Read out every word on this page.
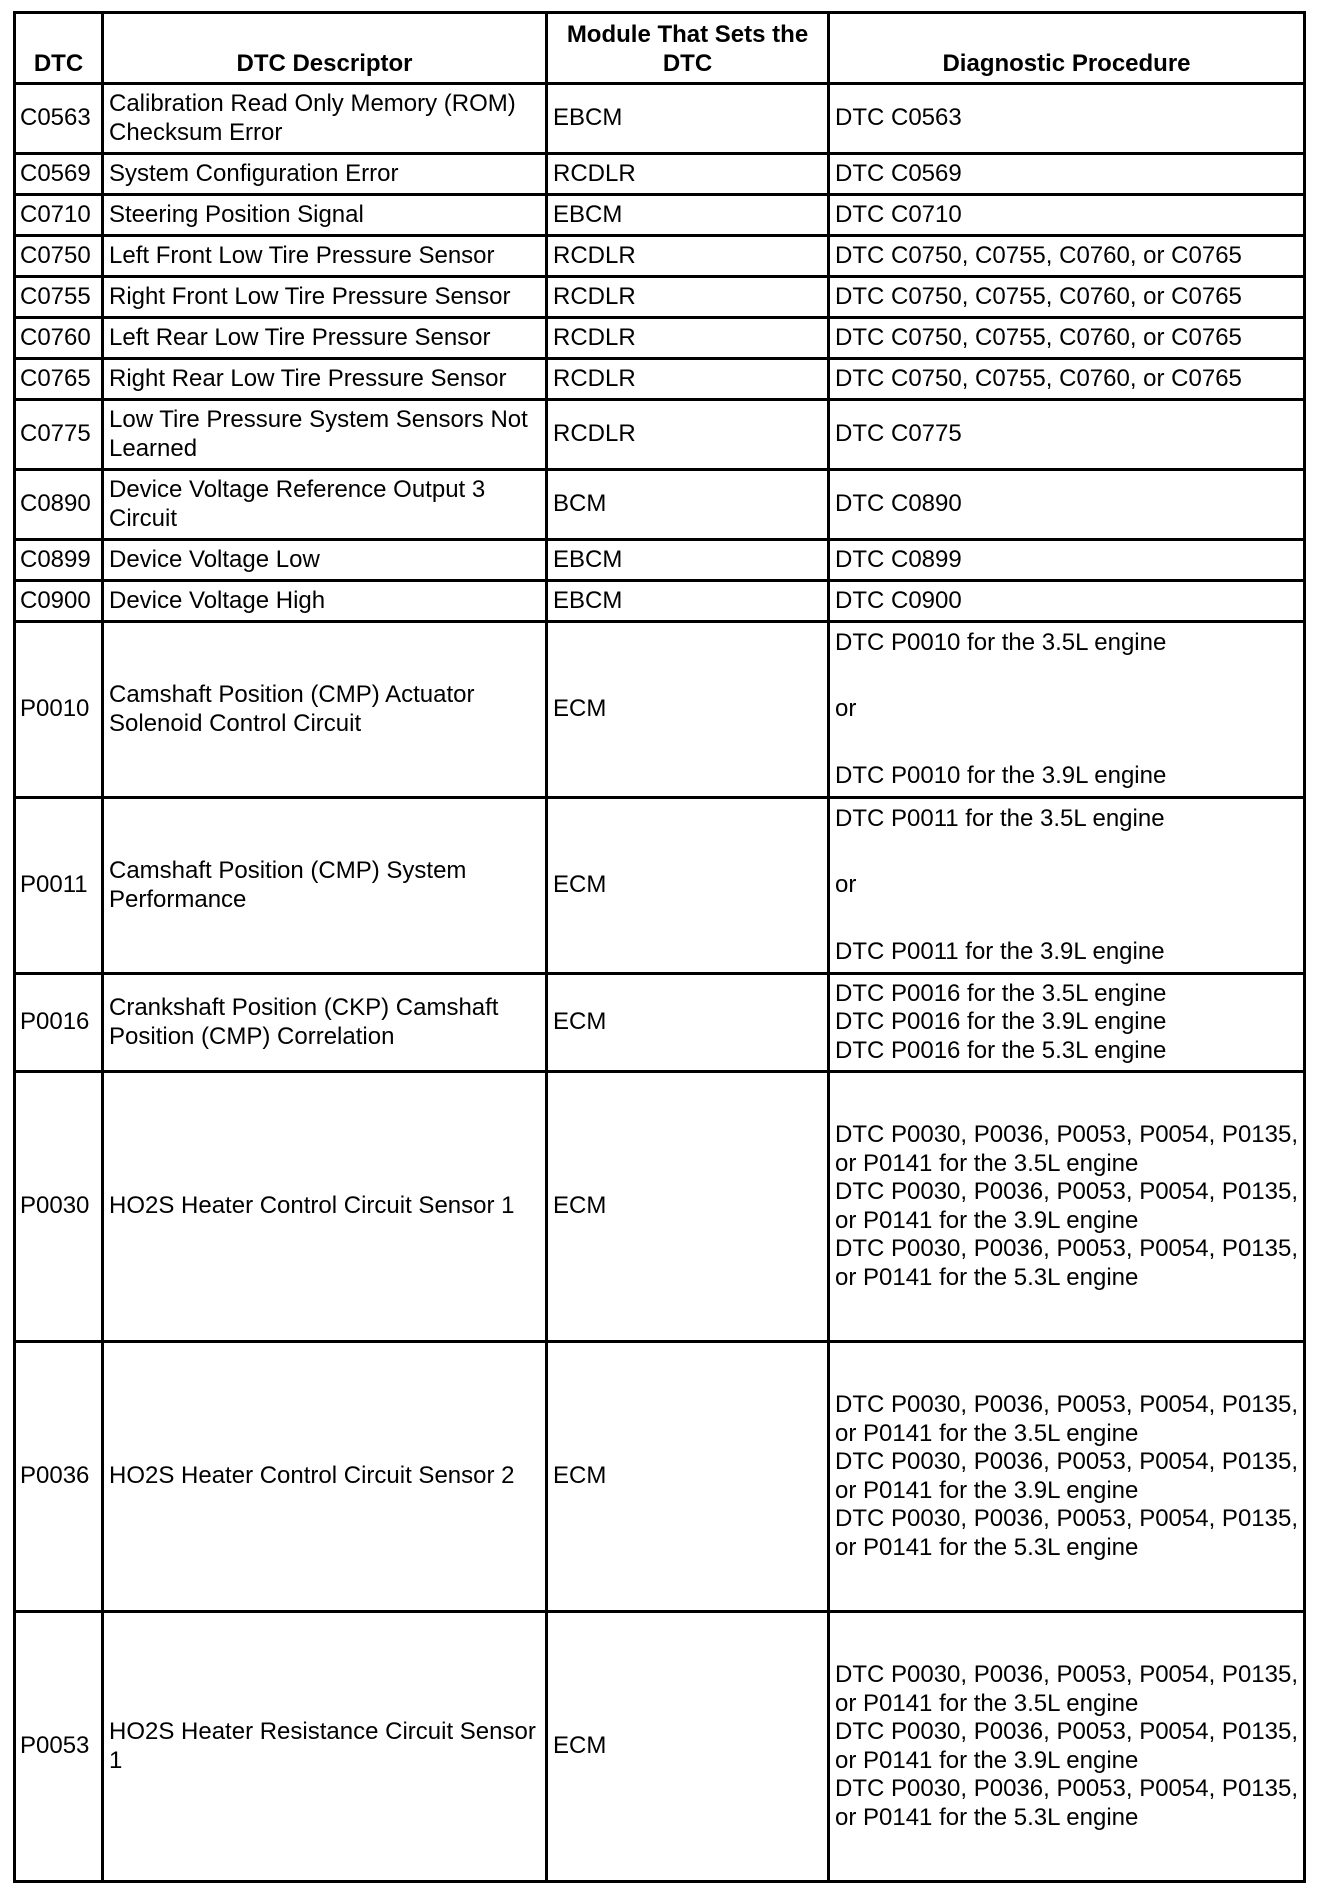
DTC	DTC Descriptor	Module That Sets the DTC	Diagnostic Procedure
C0563	Calibration Read Only Memory (ROM) Checksum Error	EBCM	DTC C0563
C0569	System Configuration Error	RCDLR	DTC C0569
C0710	Steering Position Signal	EBCM	DTC C0710
C0750	Left Front Low Tire Pressure Sensor	RCDLR	DTC C0750, C0755, C0760, or C0765
C0755	Right Front Low Tire Pressure Sensor	RCDLR	DTC C0750, C0755, C0760, or C0765
C0760	Left Rear Low Tire Pressure Sensor	RCDLR	DTC C0750, C0755, C0760, or C0765
C0765	Right Rear Low Tire Pressure Sensor	RCDLR	DTC C0750, C0755, C0760, or C0765
C0775	Low Tire Pressure System Sensors Not Learned	RCDLR	DTC C0775
C0890	Device Voltage Reference Output 3 Circuit	BCM	DTC C0890
C0899	Device Voltage Low	EBCM	DTC C0899
C0900	Device Voltage High	EBCM	DTC C0900
P0010	Camshaft Position (CMP) Actuator Solenoid Control Circuit	ECM	DTC P0010 for the 3.5L engine
or
DTC P0010 for the 3.9L engine

P0011	Camshaft Position (CMP) System Performance	ECM	DTC P0011 for the 3.5L engine
or
DTC P0011 for the 3.9L engine

P0016	Crankshaft Position (CKP) Camshaft Position (CMP) Correlation	ECM	DTC P0016 for the 3.5L engine
DTC P0016 for the 3.9L engine
DTC P0016 for the 5.3L engine

P0030	HO2S Heater Control Circuit Sensor 1	ECM	DTC P0030, P0036, P0053, P0054, P0135, or P0141 for the 3.5L engine
DTC P0030, P0036, P0053, P0054, P0135, or P0141 for the 3.9L engine
DTC P0030, P0036, P0053, P0054, P0135, or P0141 for the 5.3L engine

P0036	HO2S Heater Control Circuit Sensor 2	ECM	DTC P0030, P0036, P0053, P0054, P0135, or P0141 for the 3.5L engine
DTC P0030, P0036, P0053, P0054, P0135, or P0141 for the 3.9L engine
DTC P0030, P0036, P0053, P0054, P0135, or P0141 for the 5.3L engine

P0053	HO2S Heater Resistance Circuit Sensor 1	ECM	DTC P0030, P0036, P0053, P0054, P0135, or P0141 for the 3.5L engine
DTC P0030, P0036, P0053, P0054, P0135, or P0141 for the 3.9L engine
DTC P0030, P0036, P0053, P0054, P0135, or P0141 for the 5.3L engine
